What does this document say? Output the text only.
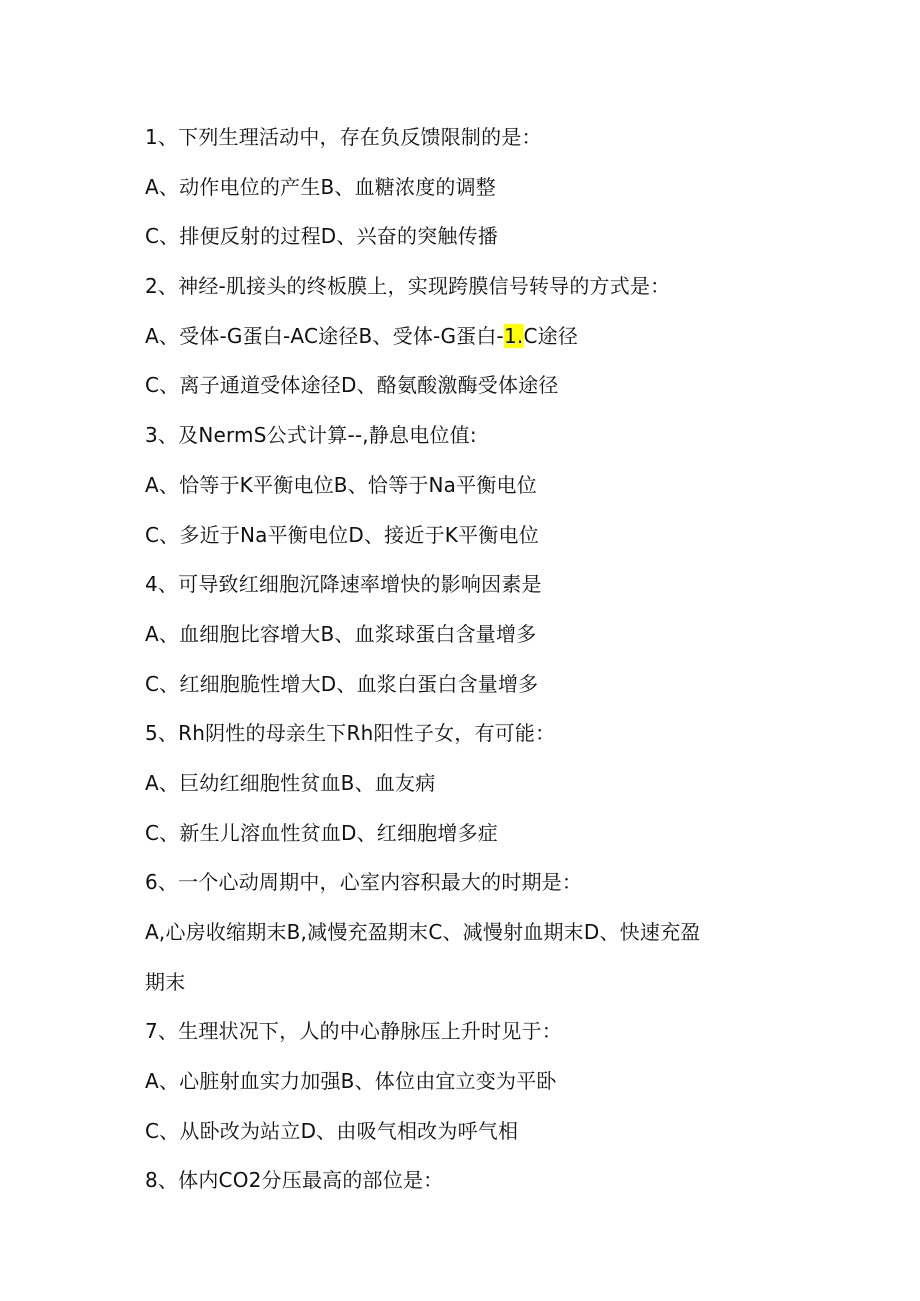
1、下列生理活动中，存在负反馈限制的是：
A、动作电位的产生B、血糖浓度的调整
C、排便反射的过程D、兴奋的突触传播
2、神经-肌接头的终板膜上，实现跨膜信号转导的方式是：
A、受体-G蛋白-AC途径B、受体-G蛋白-1.C途径
C、离子通道受体途径D、酪氨酸激酶受体途径
3、及NermS公式计算--,静息电位值:
A、恰等于K平衡电位B、恰等于Na平衡电位
C、多近于Na平衡电位D、接近于K平衡电位
4、可导致红细胞沉降速率增快的影响因素是
A、血细胞比容增大B、血浆球蛋白含量增多
C、红细胞脆性增大D、血浆白蛋白含量增多
5、Rh阴性的母亲生下Rh阳性子女，有可能：
A、巨幼红细胞性贫血B、血友病
C、新生儿溶血性贫血D、红细胞增多症
6、一个心动周期中，心室内容积最大的时期是：
A,心房收缩期末B,减慢充盈期末C、减慢射血期末D、快速充盈
期末
7、生理状况下，人的中心静脉压上升时见于：
A、心脏射血实力加强B、体位由宜立变为平卧
C、从卧改为站立D、由吸气相改为呼气相
8、体内CO2分压最高的部位是：
